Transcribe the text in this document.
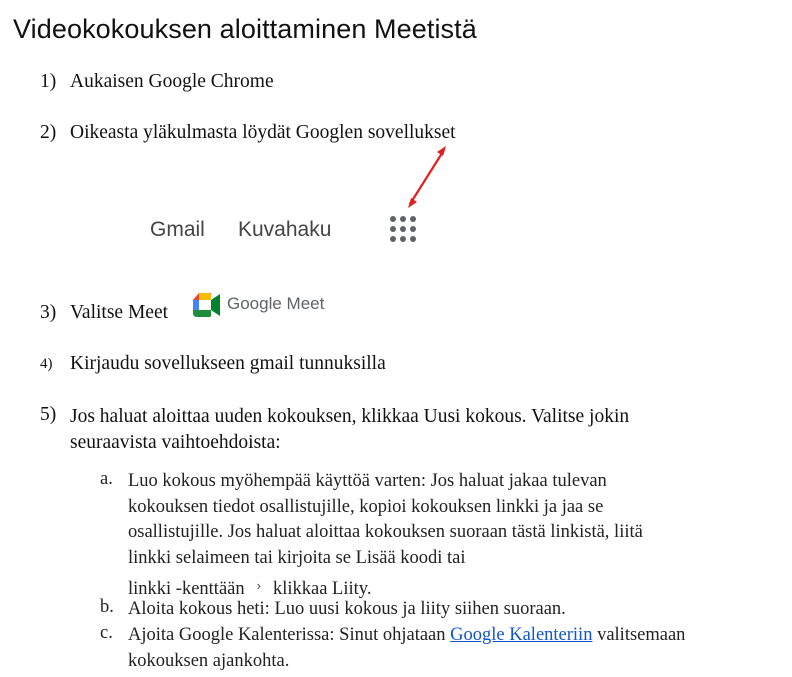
Videokokouksen aloittaminen Meetistä
1) Aukaisen Google Chrome
2) Oikeasta yläkulmasta löydät Googlen sovellukset
Gmail Kuvahaku
3) Valitse Meet	Google Meet
4) Kirjaudu sovellukseen gmail tunnuksilla
5) Jos haluat aloittaa uuden kokouksen, klikkaa Uusi kokous. Valitse jokin
seuraavista vaihtoehdoista:
a. Luo kokous myöhempää käyttöä varten: Jos haluat jakaa tulevan
kokouksen tiedot osallistujille, kopioi kokouksen linkki ja jaa se
osallistujille. Jos haluat aloittaa kokouksen suoraan tästä linkistä, liitä
linkki selaimeen tai kirjoita se Lisää koodi tai
linkki -kenttään › klikkaa Liity.
b. Aloita kokous heti: Luo uusi kokous ja liity siihen suoraan.
c. Ajoita Google Kalenterissa: Sinut ohjataan Google Kalenteriin valitsemaan
kokouksen ajankohta.
